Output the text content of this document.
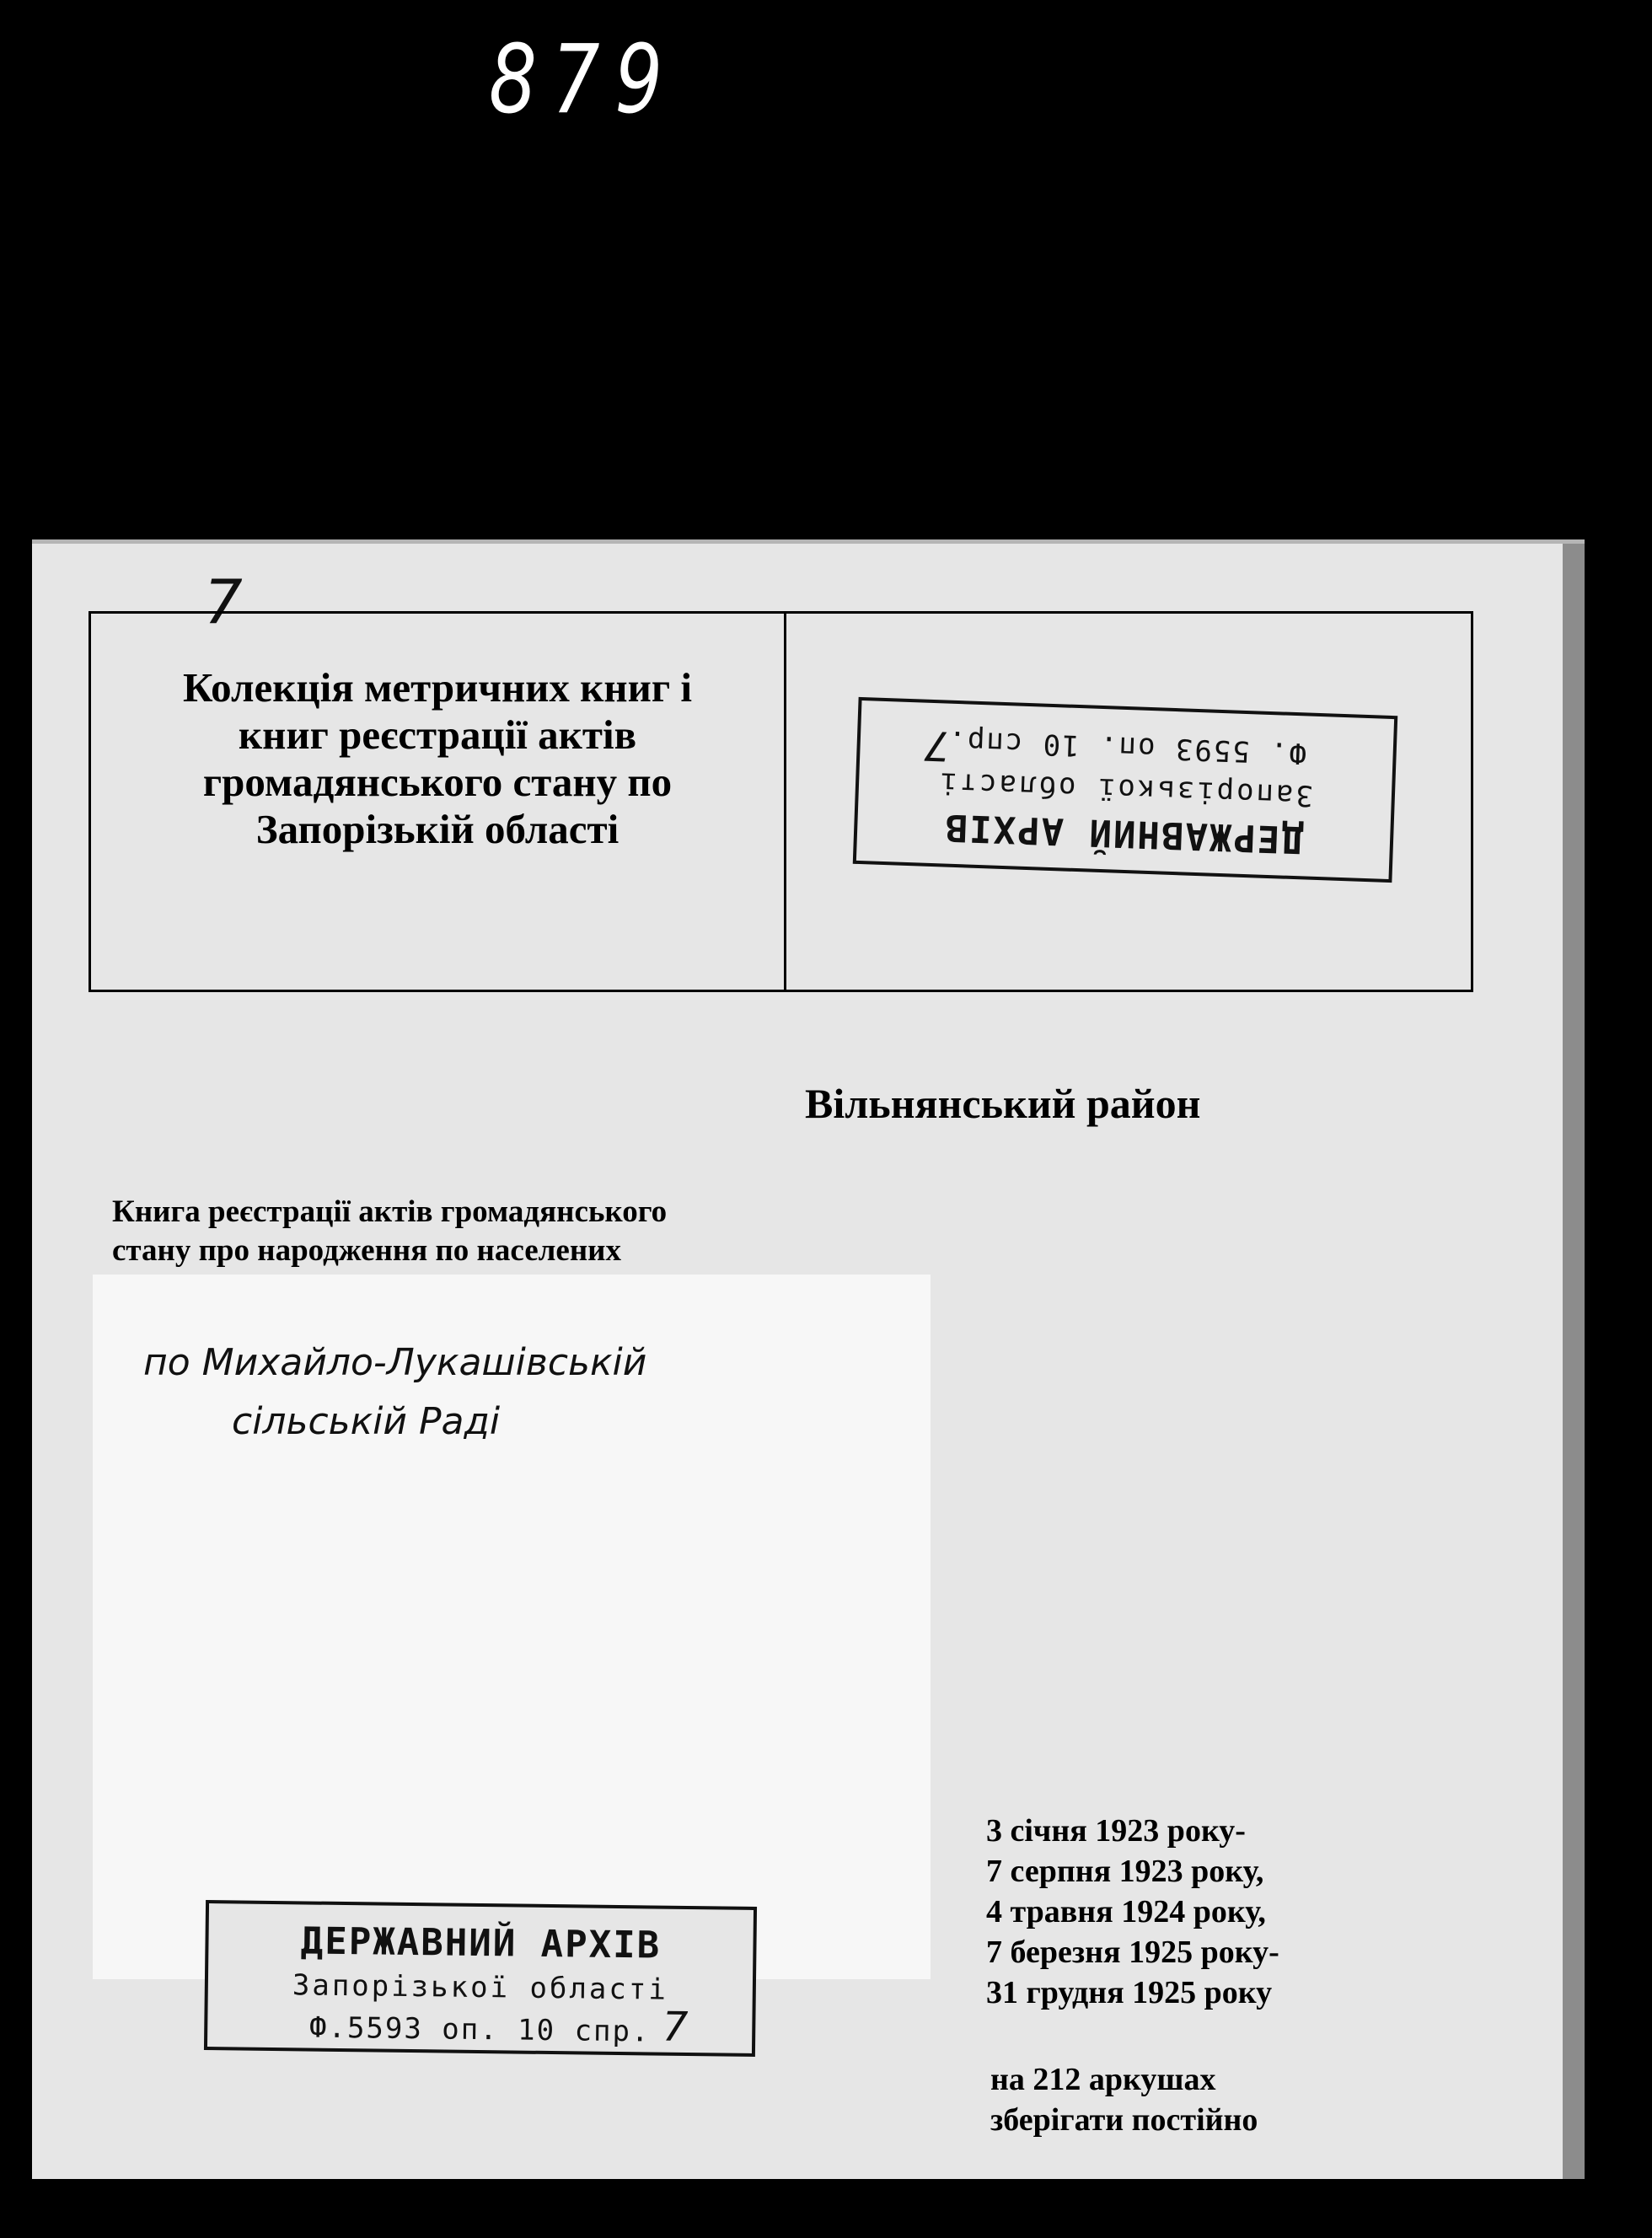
879
7
Колекція метричних книг і
книг реєстрації актів
громадянського стану по
Запорізькій області	ДЕРЖАВНИЙ АРХІВ
Запорізької області
Ф. 5593 оп. 10 спр.
7
Вільнянський район
Книга реєстрації актів громадянського
стану про народження по населених
по Михайло-Лукашівській
сільській Раді
ДЕРЖАВНИЙ АРХІВ
Запорізької області
Ф.5593 оп. 10 спр. 7
3 січня 1923 року-
7 серпня 1923 року,
4 травня 1924 року,
7 березня 1925 року-
31 грудня 1925 року
на 212 аркушах
зберігати постійно
